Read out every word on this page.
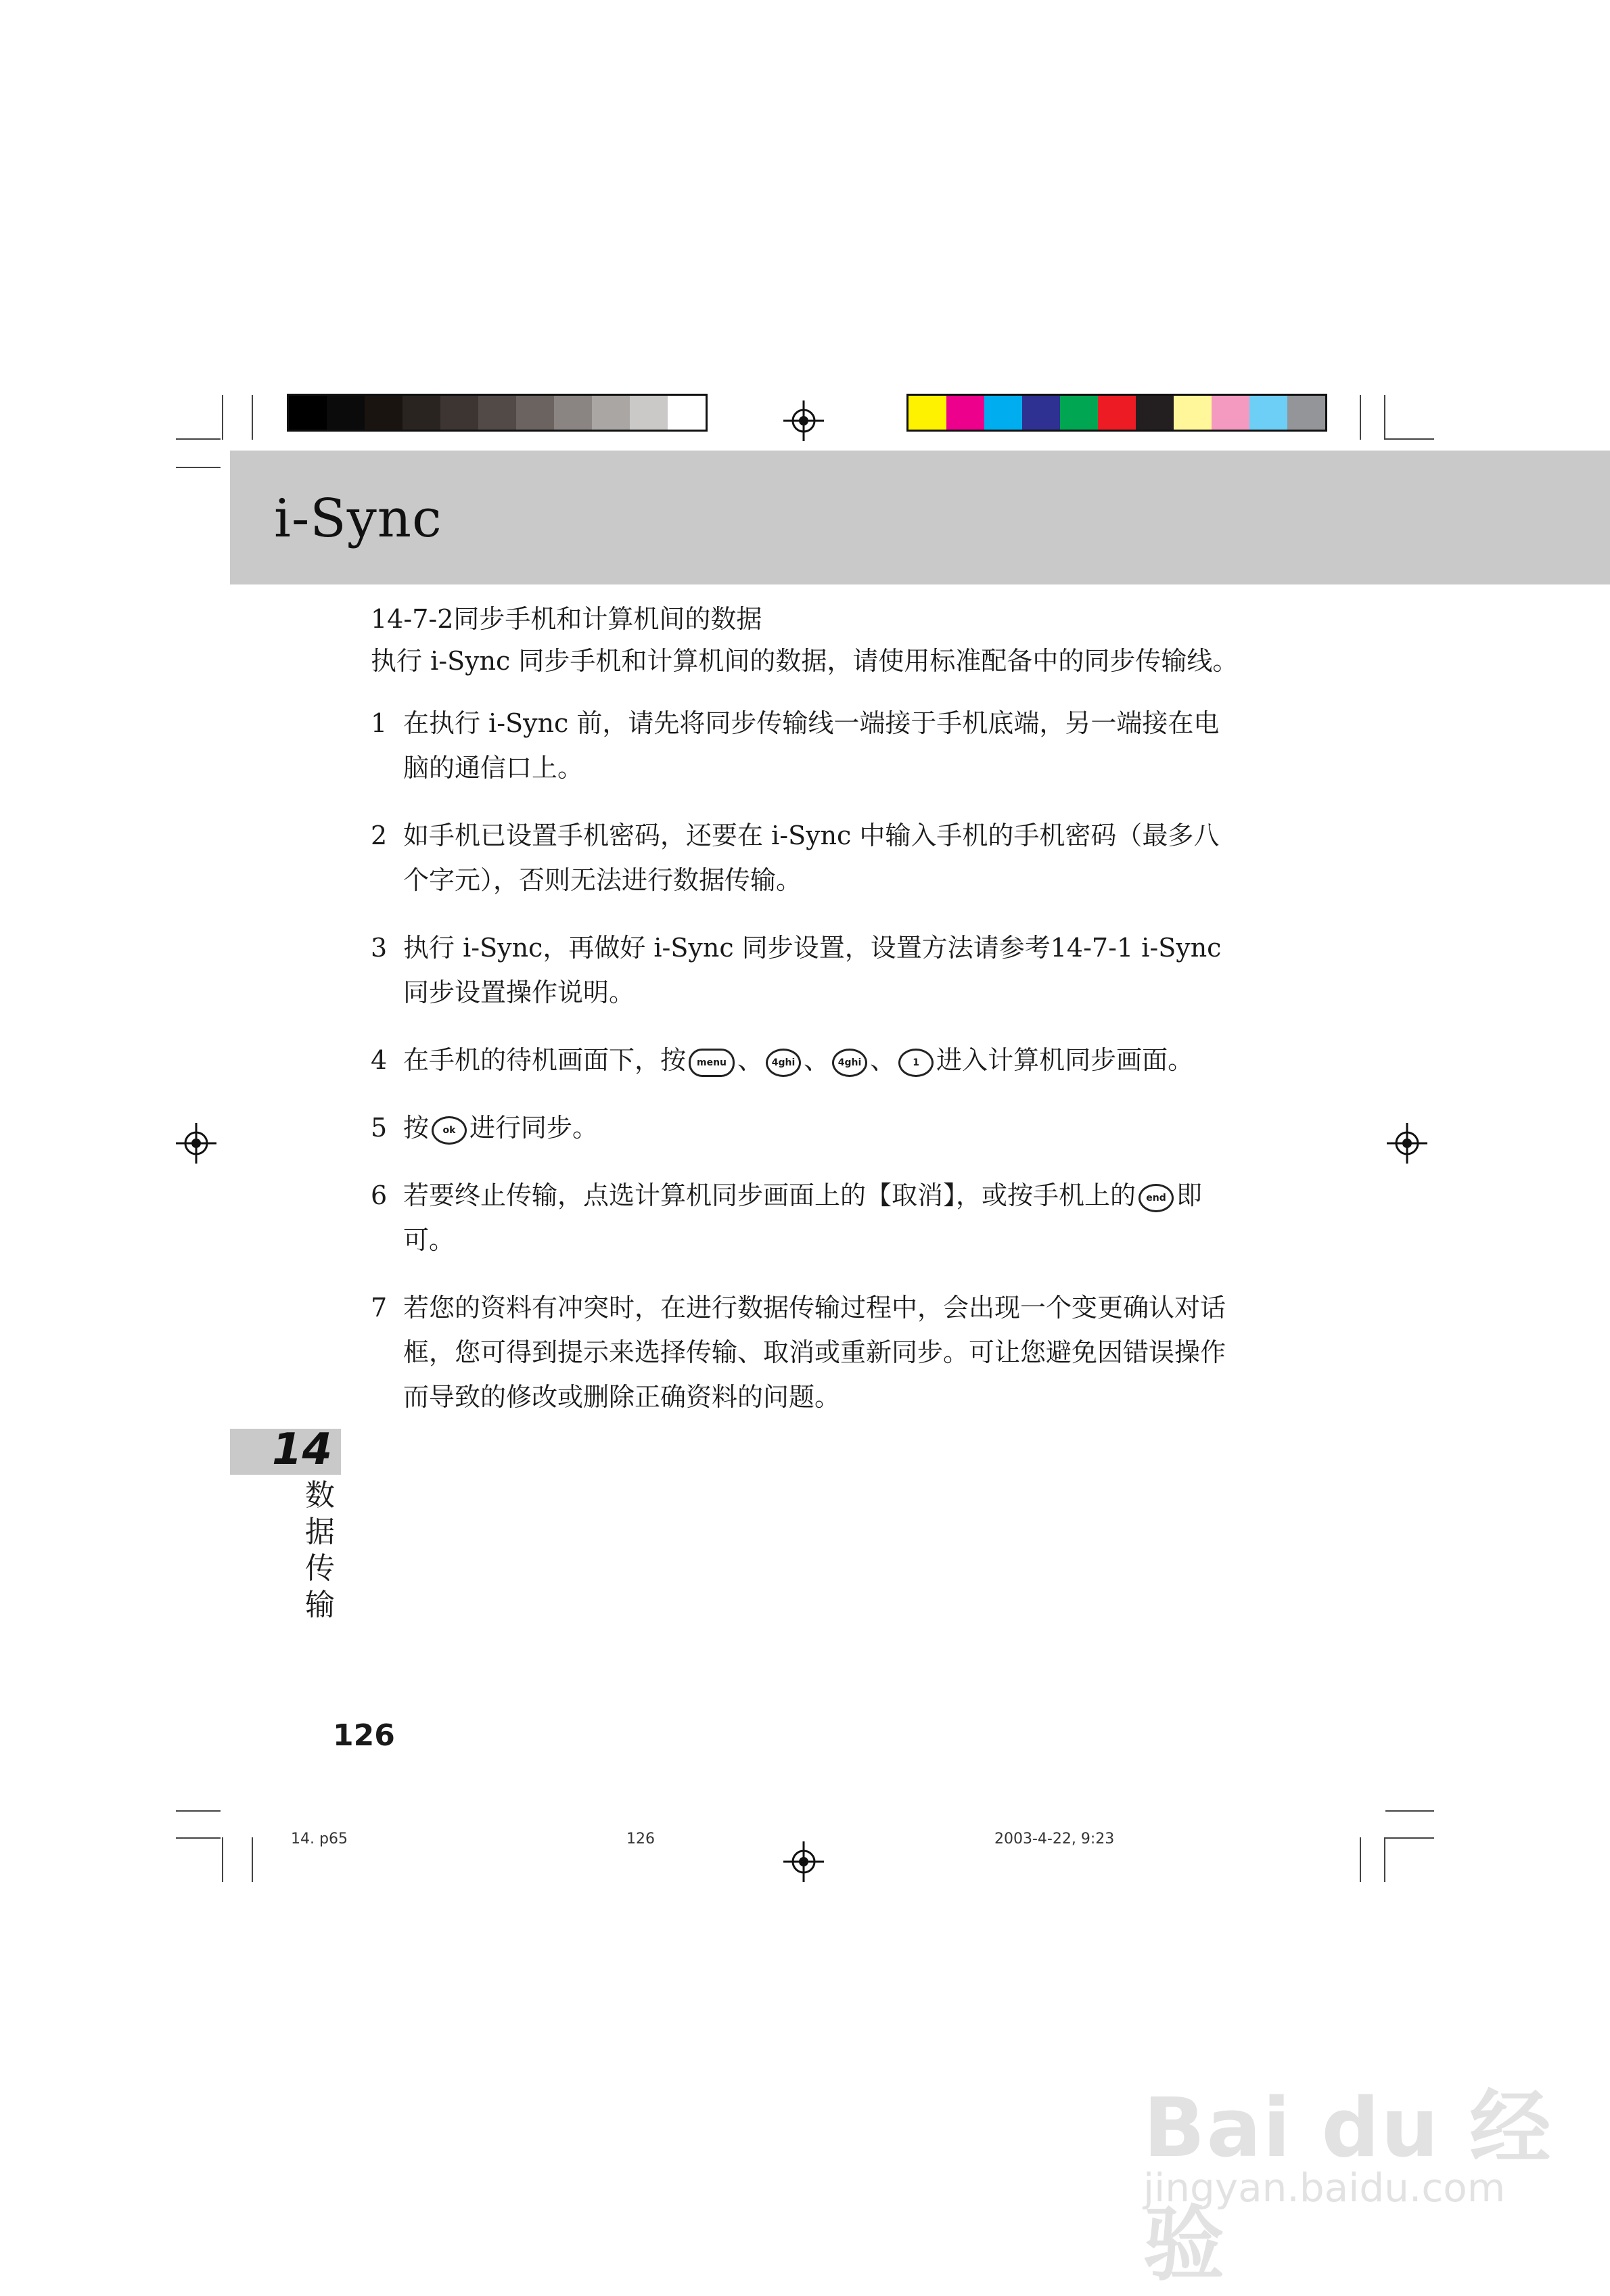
i-Sync
14-7-2同步手机和计算机间的数据
执行 i-Sync 同步手机和计算机间的数据，请使用标准配备中的同步传输线。
1 在执行 i-Sync 前，请先将同步传输线一端接于手机底端，另一端接在电脑的通信口上。
2 如手机已设置手机密码，还要在 i-Sync 中输入手机的手机密码（最多八个字元），否则无法进行数据传输。
3 执行 i-Sync，再做好 i-Sync 同步设置，设置方法请参考14-7-1 i-Sync同步设置操作说明。
4 在手机的待机画面下，按 menu 、 4ghi 、 4ghi 、 1 进入计算机同步画面。
5 按 ok 进行同步。
6 若要终止传输，点选计算机同步画面上的【取消】，或按手机上的 end 即可。
7 若您的资料有冲突时，在进行数据传输过程中，会出现一个变更确认对话框，您可得到提示来选择传输、取消或重新同步。可让您避免因错误操作而导致的修改或删除正确资料的问题。
14
数据传输
126
14. p65	126	2003-4-22, 9:23
Bai du 经验
jingyan.baidu.com
